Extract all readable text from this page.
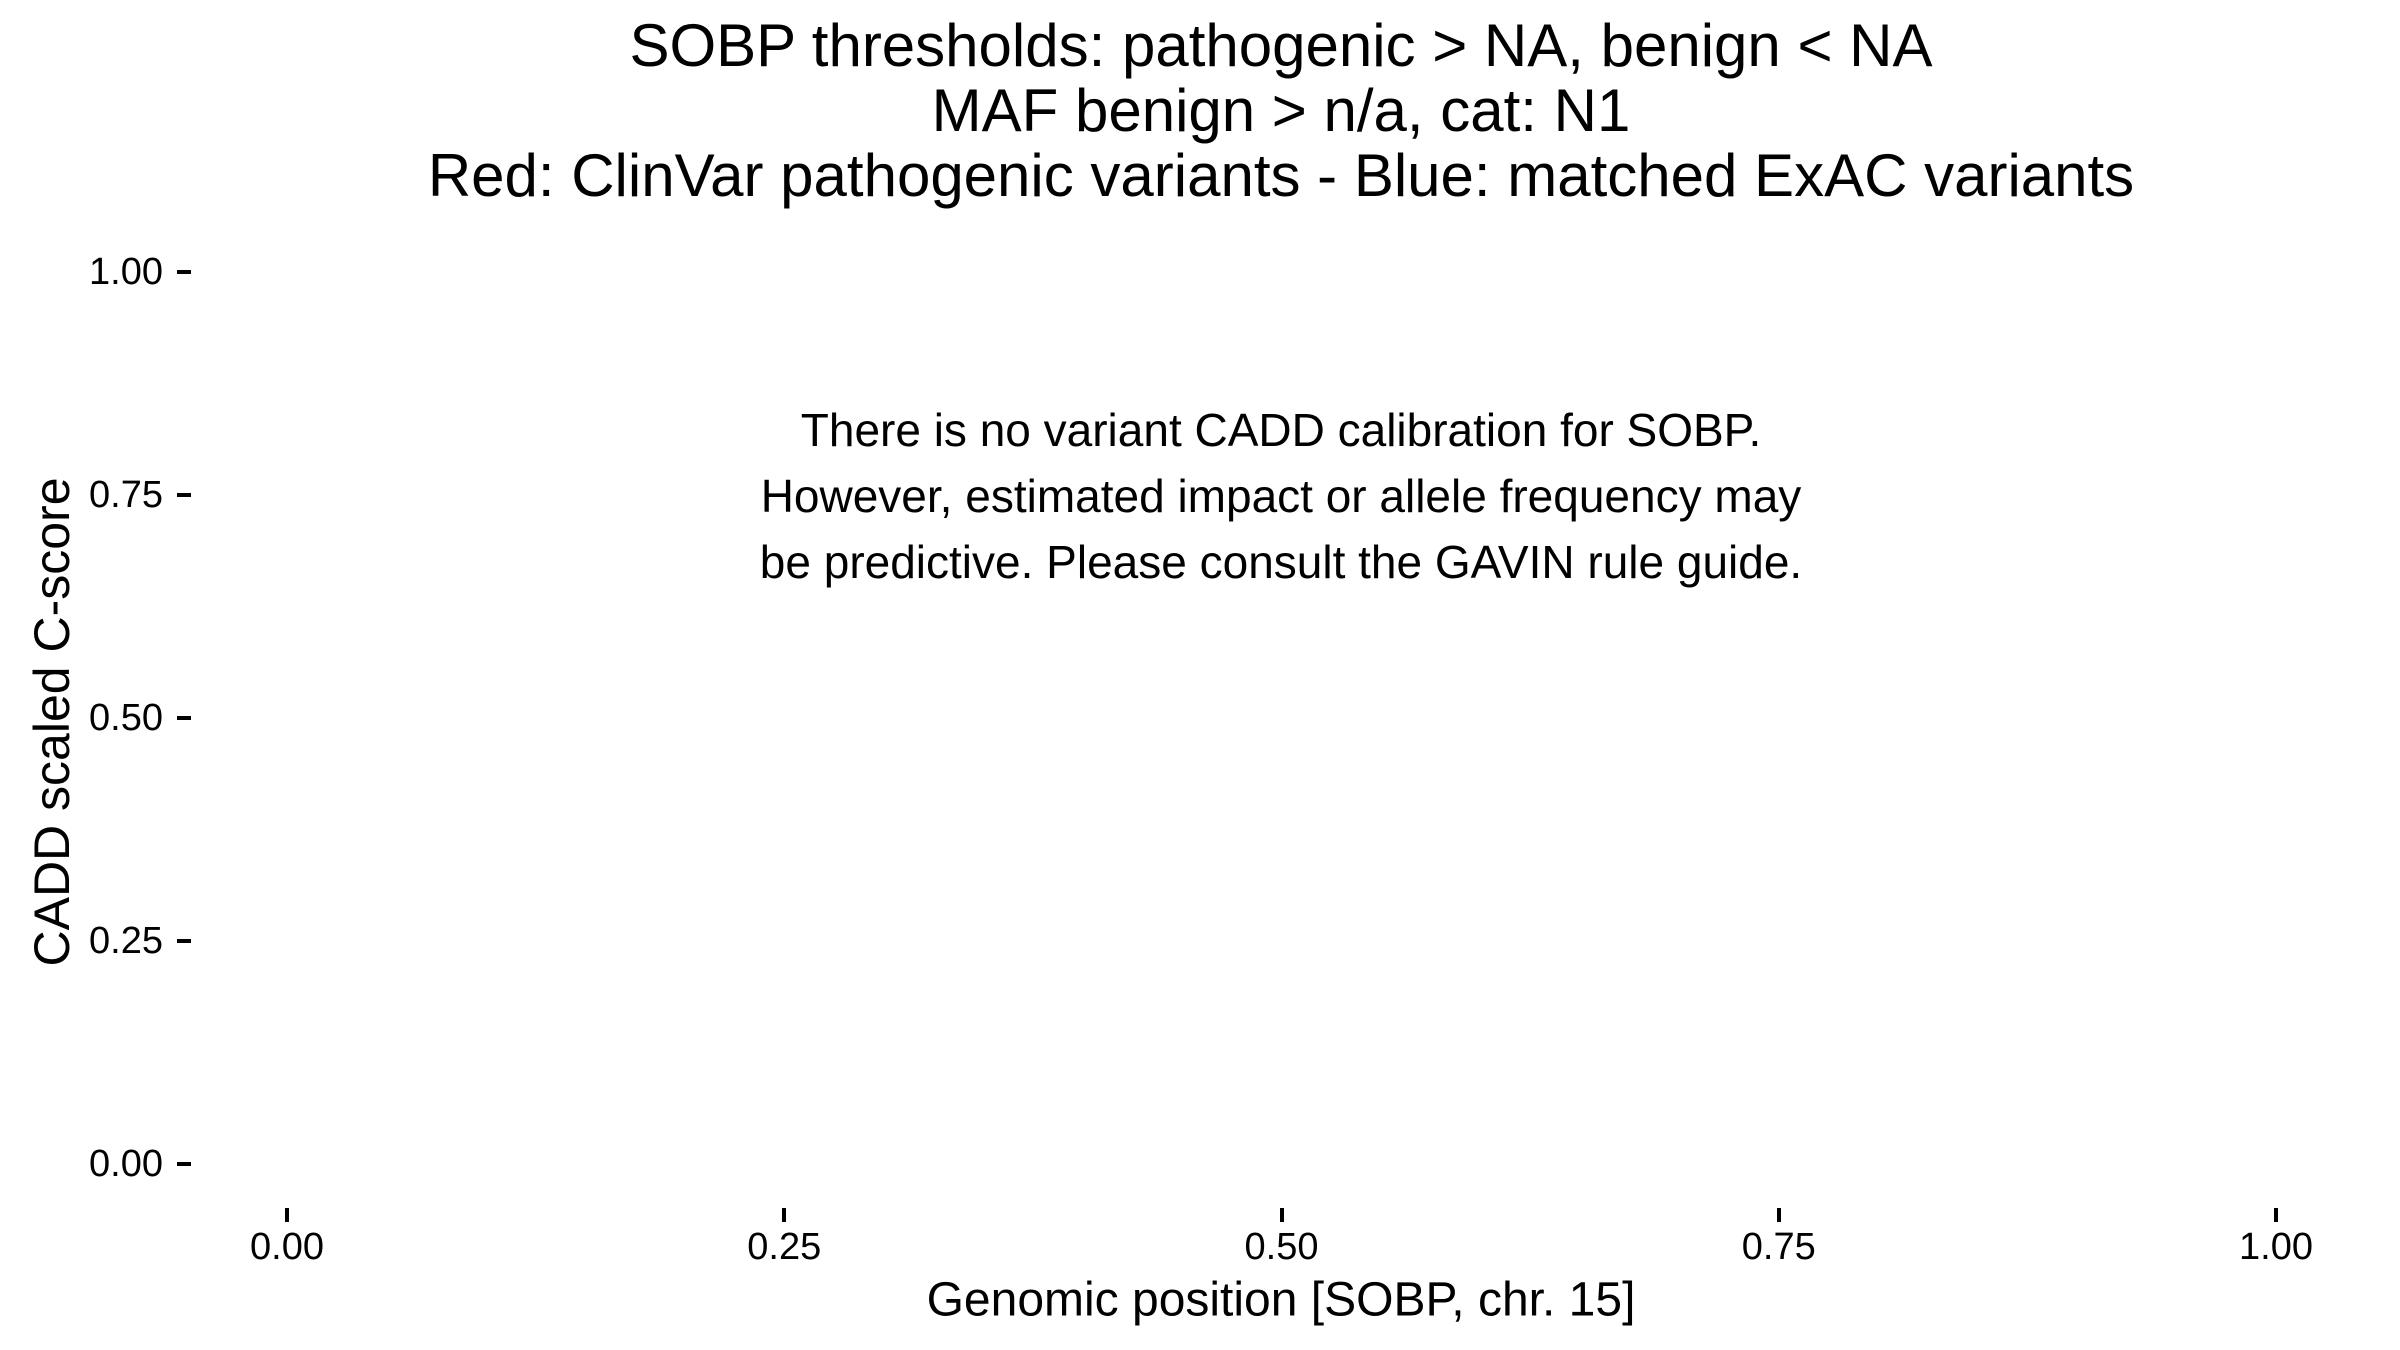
SOBP thresholds: pathogenic > NA, benign < NA
MAF benign > n/a, cat: N1
Red: ClinVar pathogenic variants - Blue: matched ExAC variants
There is no variant CADD calibration for SOBP.
However, estimated impact or allele frequency may
be predictive. Please consult the GAVIN rule guide.
CADD scaled C-score
Genomic position [SOBP, chr. 15]
0.00	0.25	0.50	0.75	1.00
0.00
0.25
0.50
0.75
1.00
